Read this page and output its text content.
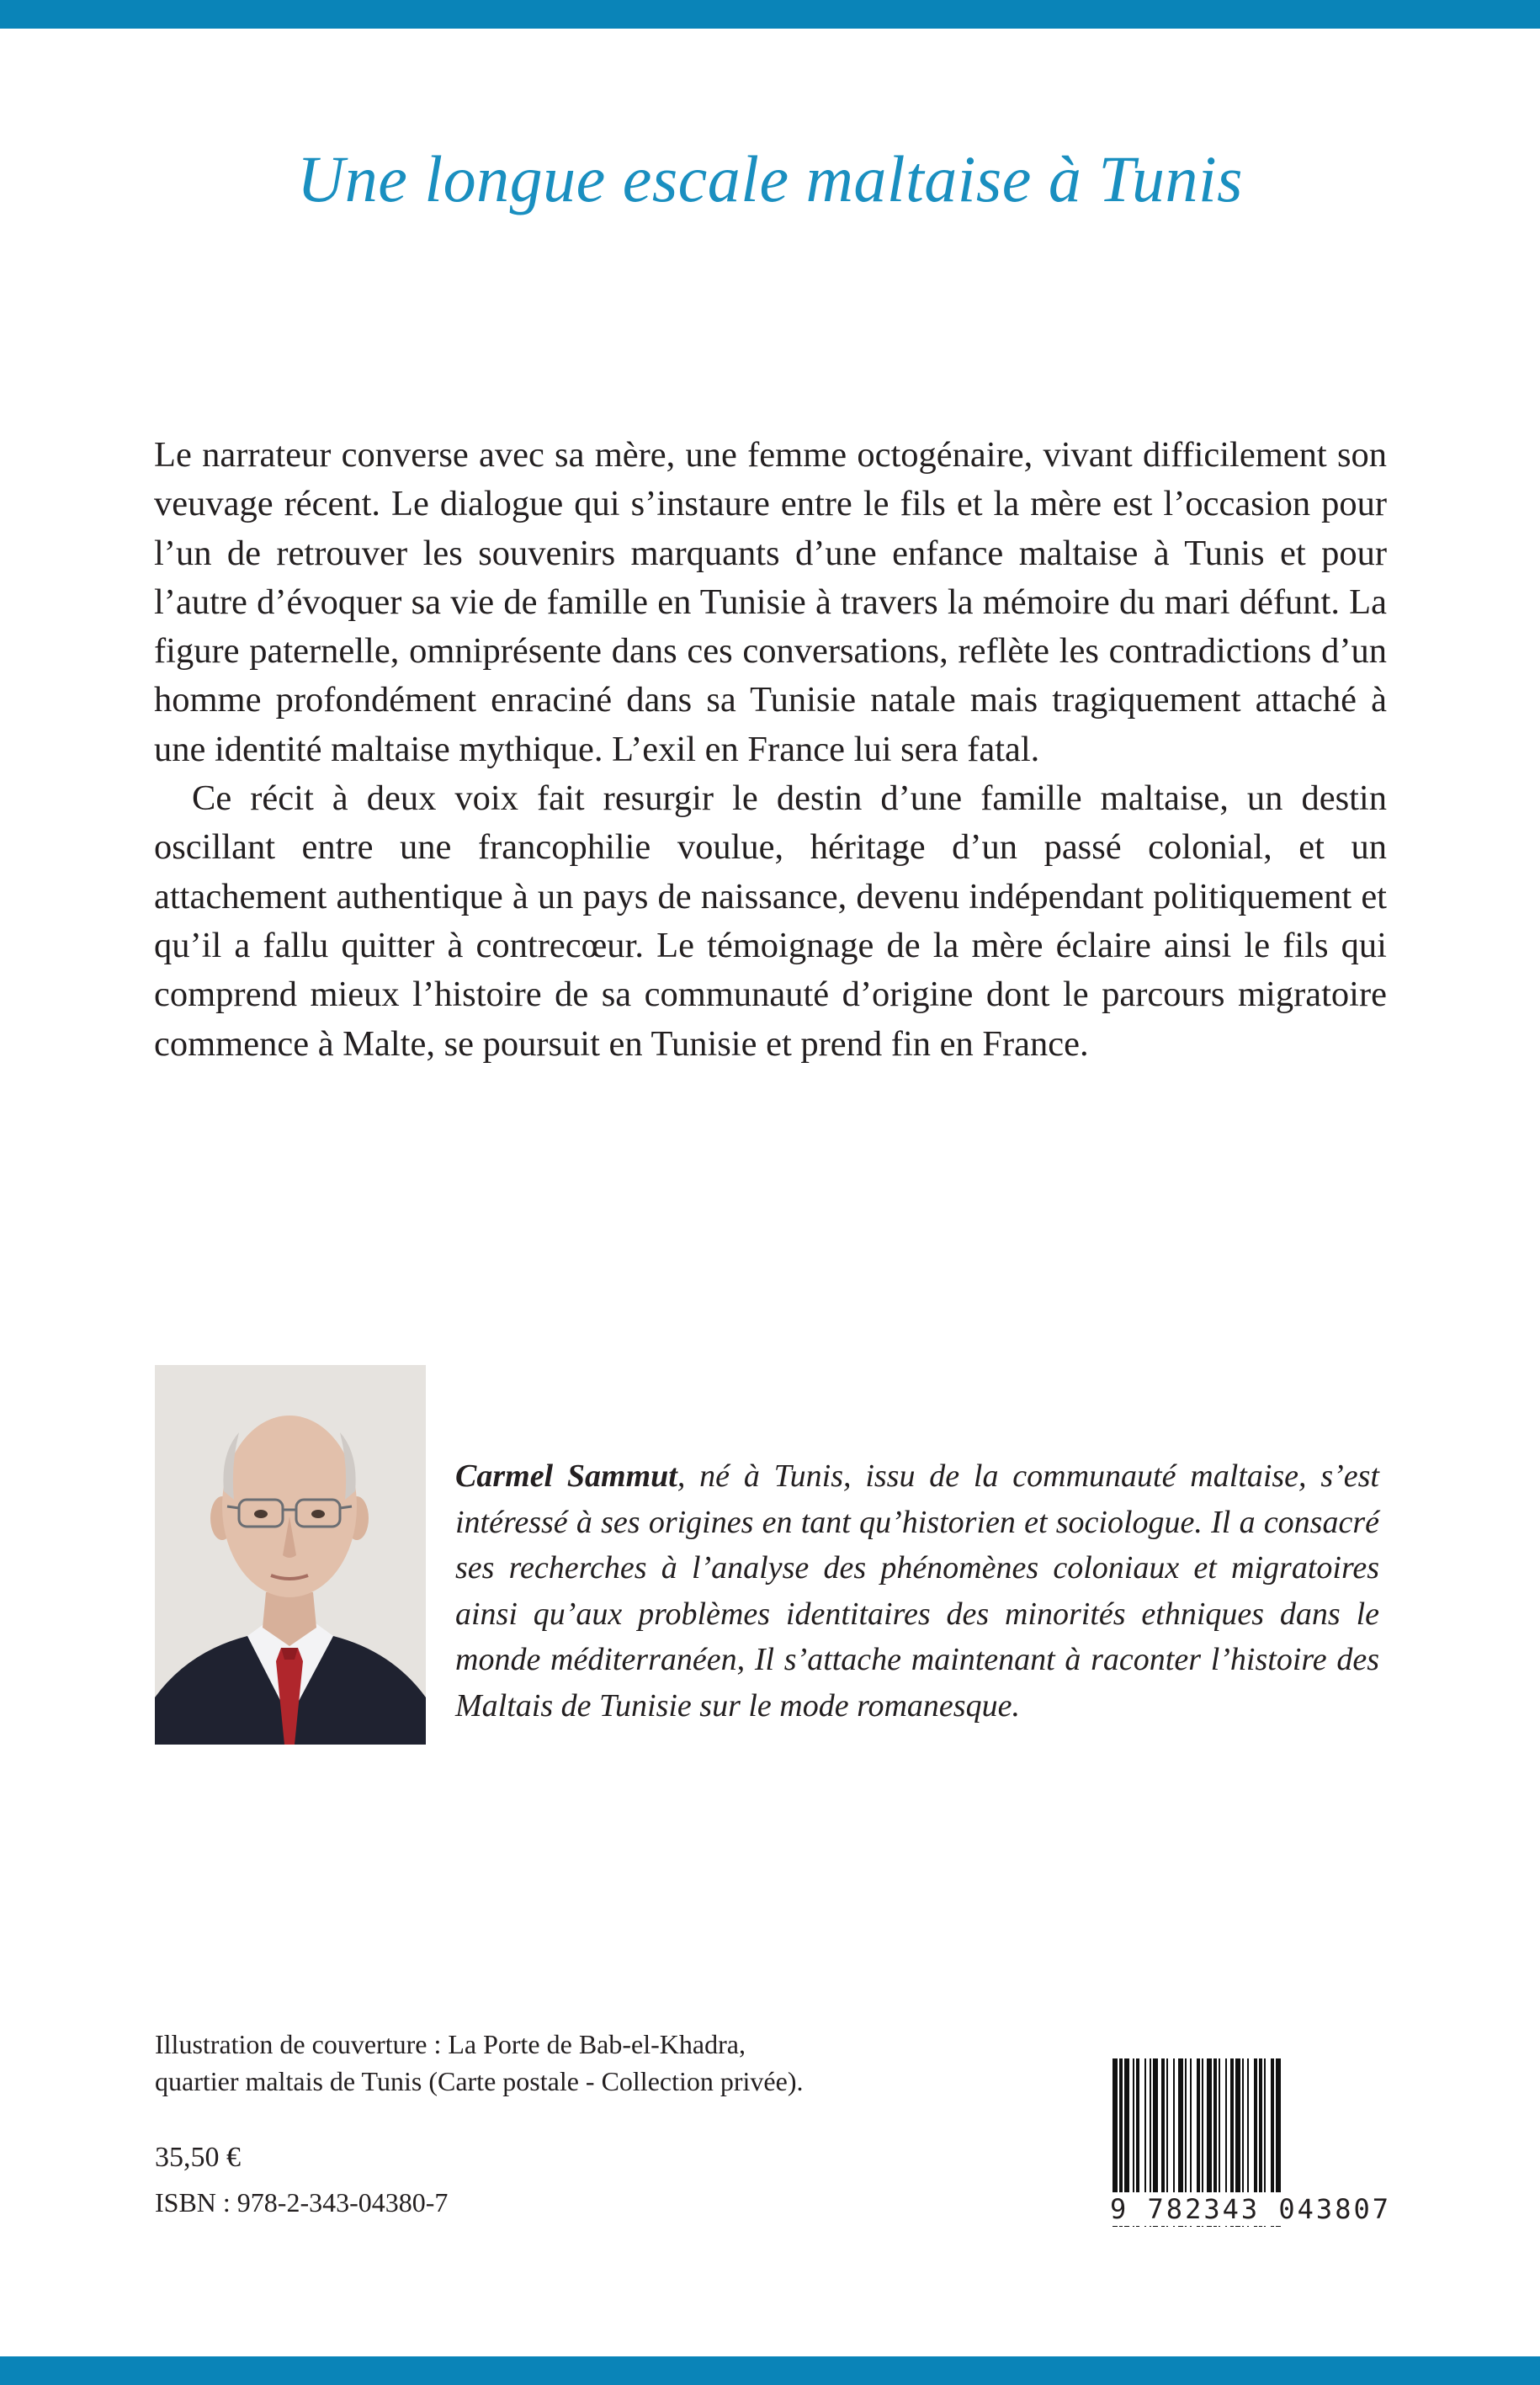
Une longue escale maltaise à Tunis

Le narrateur converse avec sa mère, une femme octogénaire, vivant difficilement son veuvage récent. Le dialogue qui s’instaure entre le fils et la mère est l’occasion pour l’un de retrouver les souvenirs marquants d’une enfance maltaise à Tunis et pour l’autre d’évoquer sa vie de famille en Tunisie à travers la mémoire du mari défunt. La figure paternelle, omniprésente dans ces conversations, reflète les contradictions d’un homme profondément enraciné dans sa Tunisie natale mais tragiquement attaché à une identité maltaise mythique. L’exil en France lui sera fatal.

Ce récit à deux voix fait resurgir le destin d’une famille maltaise, un destin oscillant entre une francophilie voulue, héritage d’un passé colonial, et un attachement authentique à un pays de naissance, devenu indépendant politiquement et qu’il a fallu quitter à contrecœur. Le témoignage de la mère éclaire ainsi le fils qui comprend mieux l’histoire de sa communauté d’origine dont le parcours migratoire commence à Malte, se poursuit en Tunisie et prend fin en France.

Carmel Sammut, né à Tunis, issu de la communauté maltaise, s’est intéressé à ses origines en tant qu’historien et sociologue. Il a consacré ses recherches à l’analyse des phénomènes coloniaux et migratoires ainsi qu’aux problèmes identitaires des minorités ethniques dans le monde méditerranéen, Il s’attache maintenant à raconter l’histoire des Maltais de Tunisie sur le mode romanesque.

Illustration de couverture : La Porte de Bab-el-Khadra,
quartier maltais de Tunis (Carte postale - Collection privée).

35,50 €

ISBN : 978-2-343-04380-7	9 782343 043807
